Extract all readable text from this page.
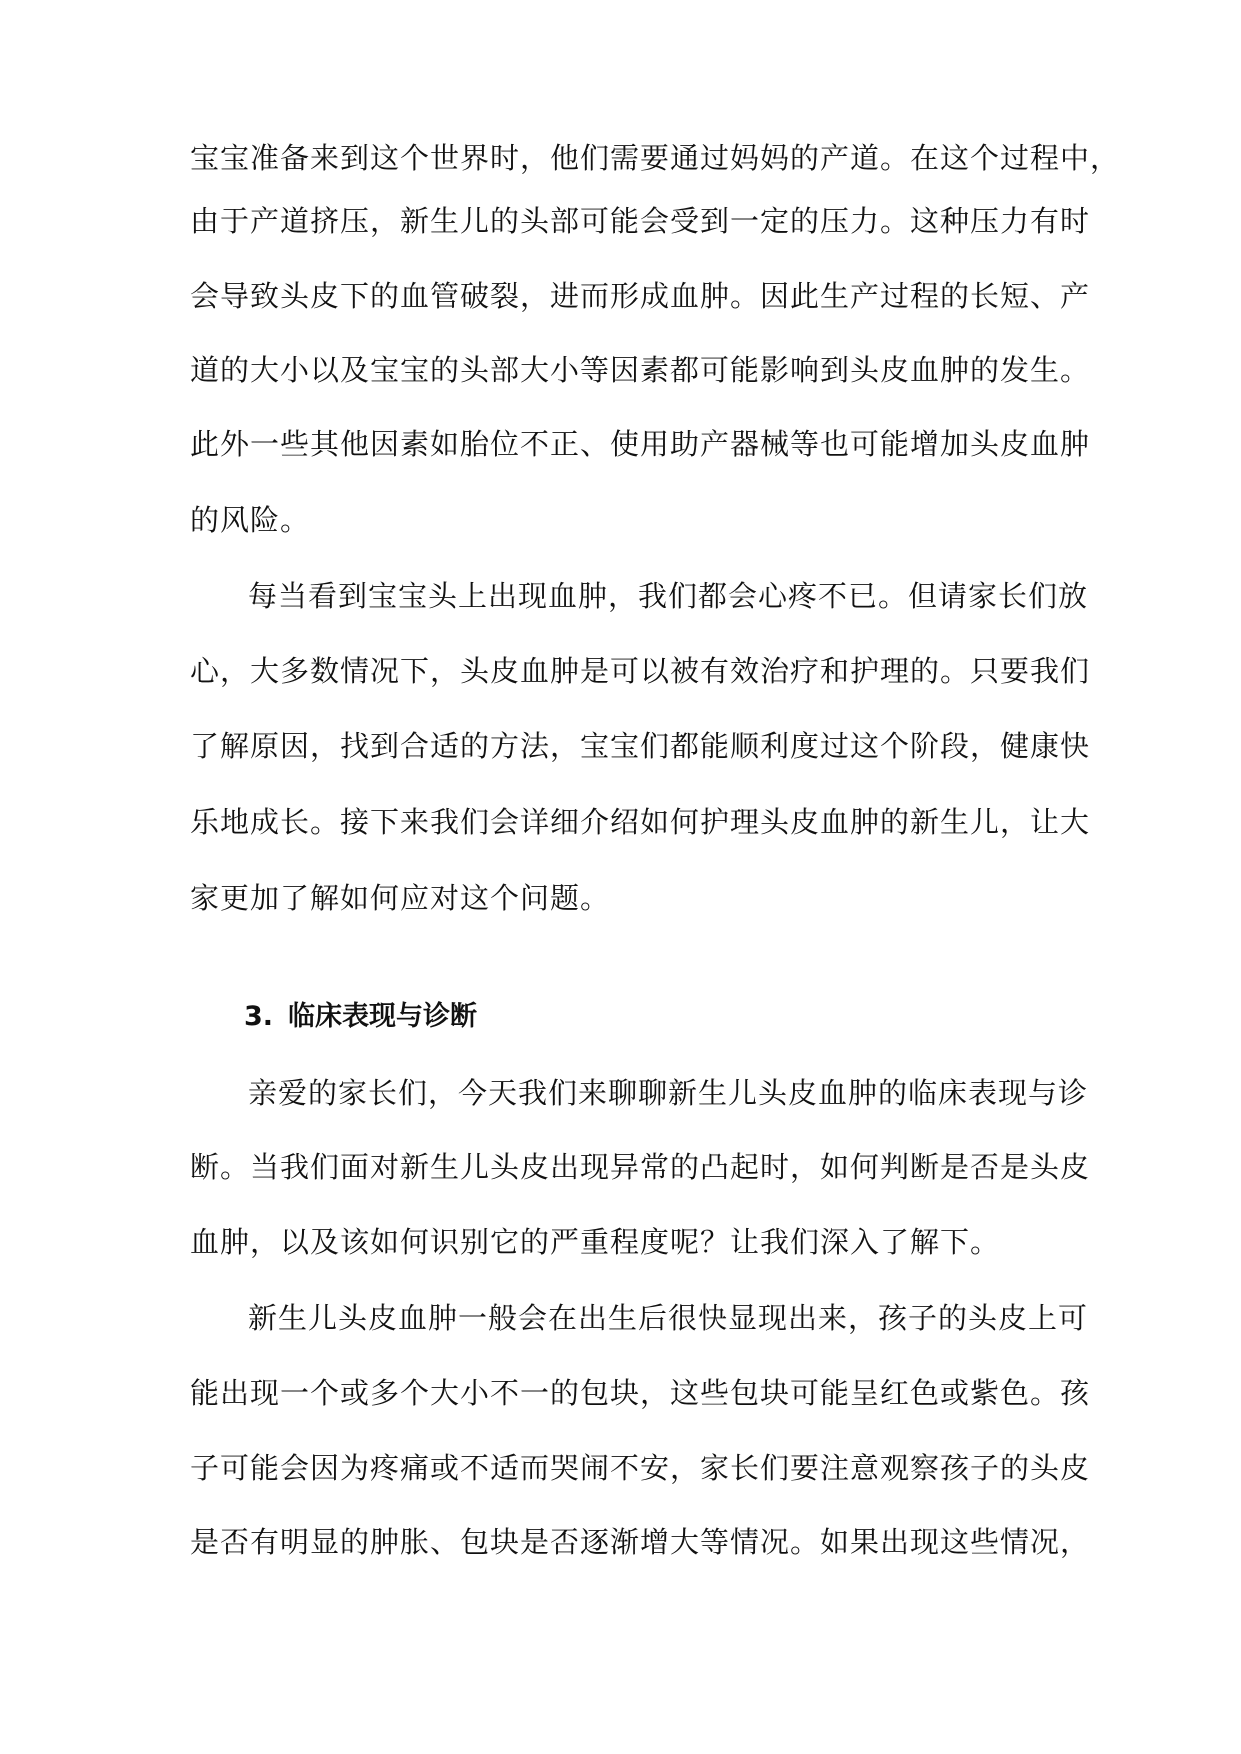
宝宝准备来到这个世界时，他们需要通过妈妈的产道。在这个过程中，
由于产道挤压，新生儿的头部可能会受到一定的压力。这种压力有时
会导致头皮下的血管破裂，进而形成血肿。因此生产过程的长短、产
道的大小以及宝宝的头部大小等因素都可能影响到头皮血肿的发生。
此外一些其他因素如胎位不正、使用助产器械等也可能增加头皮血肿
的风险。
每当看到宝宝头上出现血肿，我们都会心疼不已。但请家长们放
心，大多数情况下，头皮血肿是可以被有效治疗和护理的。只要我们
了解原因，找到合适的方法，宝宝们都能顺利度过这个阶段，健康快
乐地成长。接下来我们会详细介绍如何护理头皮血肿的新生儿，让大
家更加了解如何应对这个问题。
3. 临床表现与诊断
亲爱的家长们，今天我们来聊聊新生儿头皮血肿的临床表现与诊
断。当我们面对新生儿头皮出现异常的凸起时，如何判断是否是头皮
血肿，以及该如何识别它的严重程度呢？让我们深入了解下。
新生儿头皮血肿一般会在出生后很快显现出来，孩子的头皮上可
能出现一个或多个大小不一的包块，这些包块可能呈红色或紫色。孩
子可能会因为疼痛或不适而哭闹不安，家长们要注意观察孩子的头皮
是否有明显的肿胀、包块是否逐渐增大等情况。如果出现这些情况，
